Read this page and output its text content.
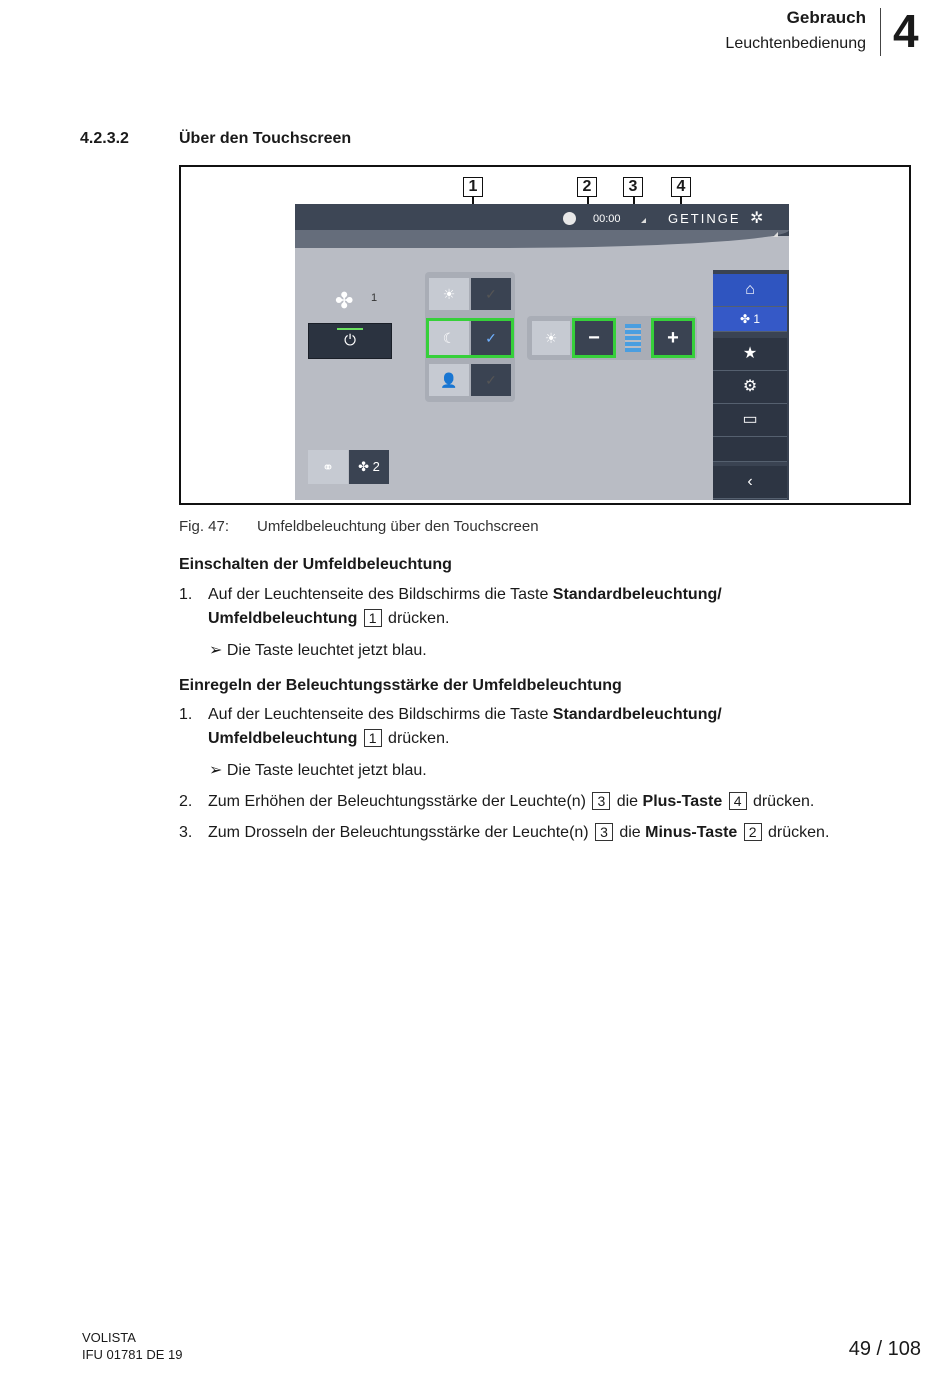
Gebrauch
Leuchtenbedienung 4
4.2.3.2	Über den Touchscreen
00:00	GETINGE ✲
✤ 1
⏻
☀	✓
☾	✓
👤	✓
☀	−	+
⚭	✤ 2
⌂
✤ 1
★
⚙
▭
‹
1	2	3	4
Fig. 47: Umfeldbeleuchtung über den Touchscreen
Einschalten der Umfeldbeleuchtung
1. Auf der Leuchtenseite des Bildschirms die Taste Standardbeleuchtung/
Umfeldbeleuchtung 1 drücken.
➢ Die Taste leuchtet jetzt blau.
Einregeln der Beleuchtungsstärke der Umfeldbeleuchtung
1. Auf der Leuchtenseite des Bildschirms die Taste Standardbeleuchtung/
Umfeldbeleuchtung 1 drücken.
➢ Die Taste leuchtet jetzt blau.
2. Zum Erhöhen der Beleuchtungsstärke der Leuchte(n) 3 die Plus-Taste 4 drücken.
3. Zum Drosseln der Beleuchtungsstärke der Leuchte(n) 3 die Minus-Taste 2 drücken.
VOLISTA
IFU 01781 DE 19	49 / 108
